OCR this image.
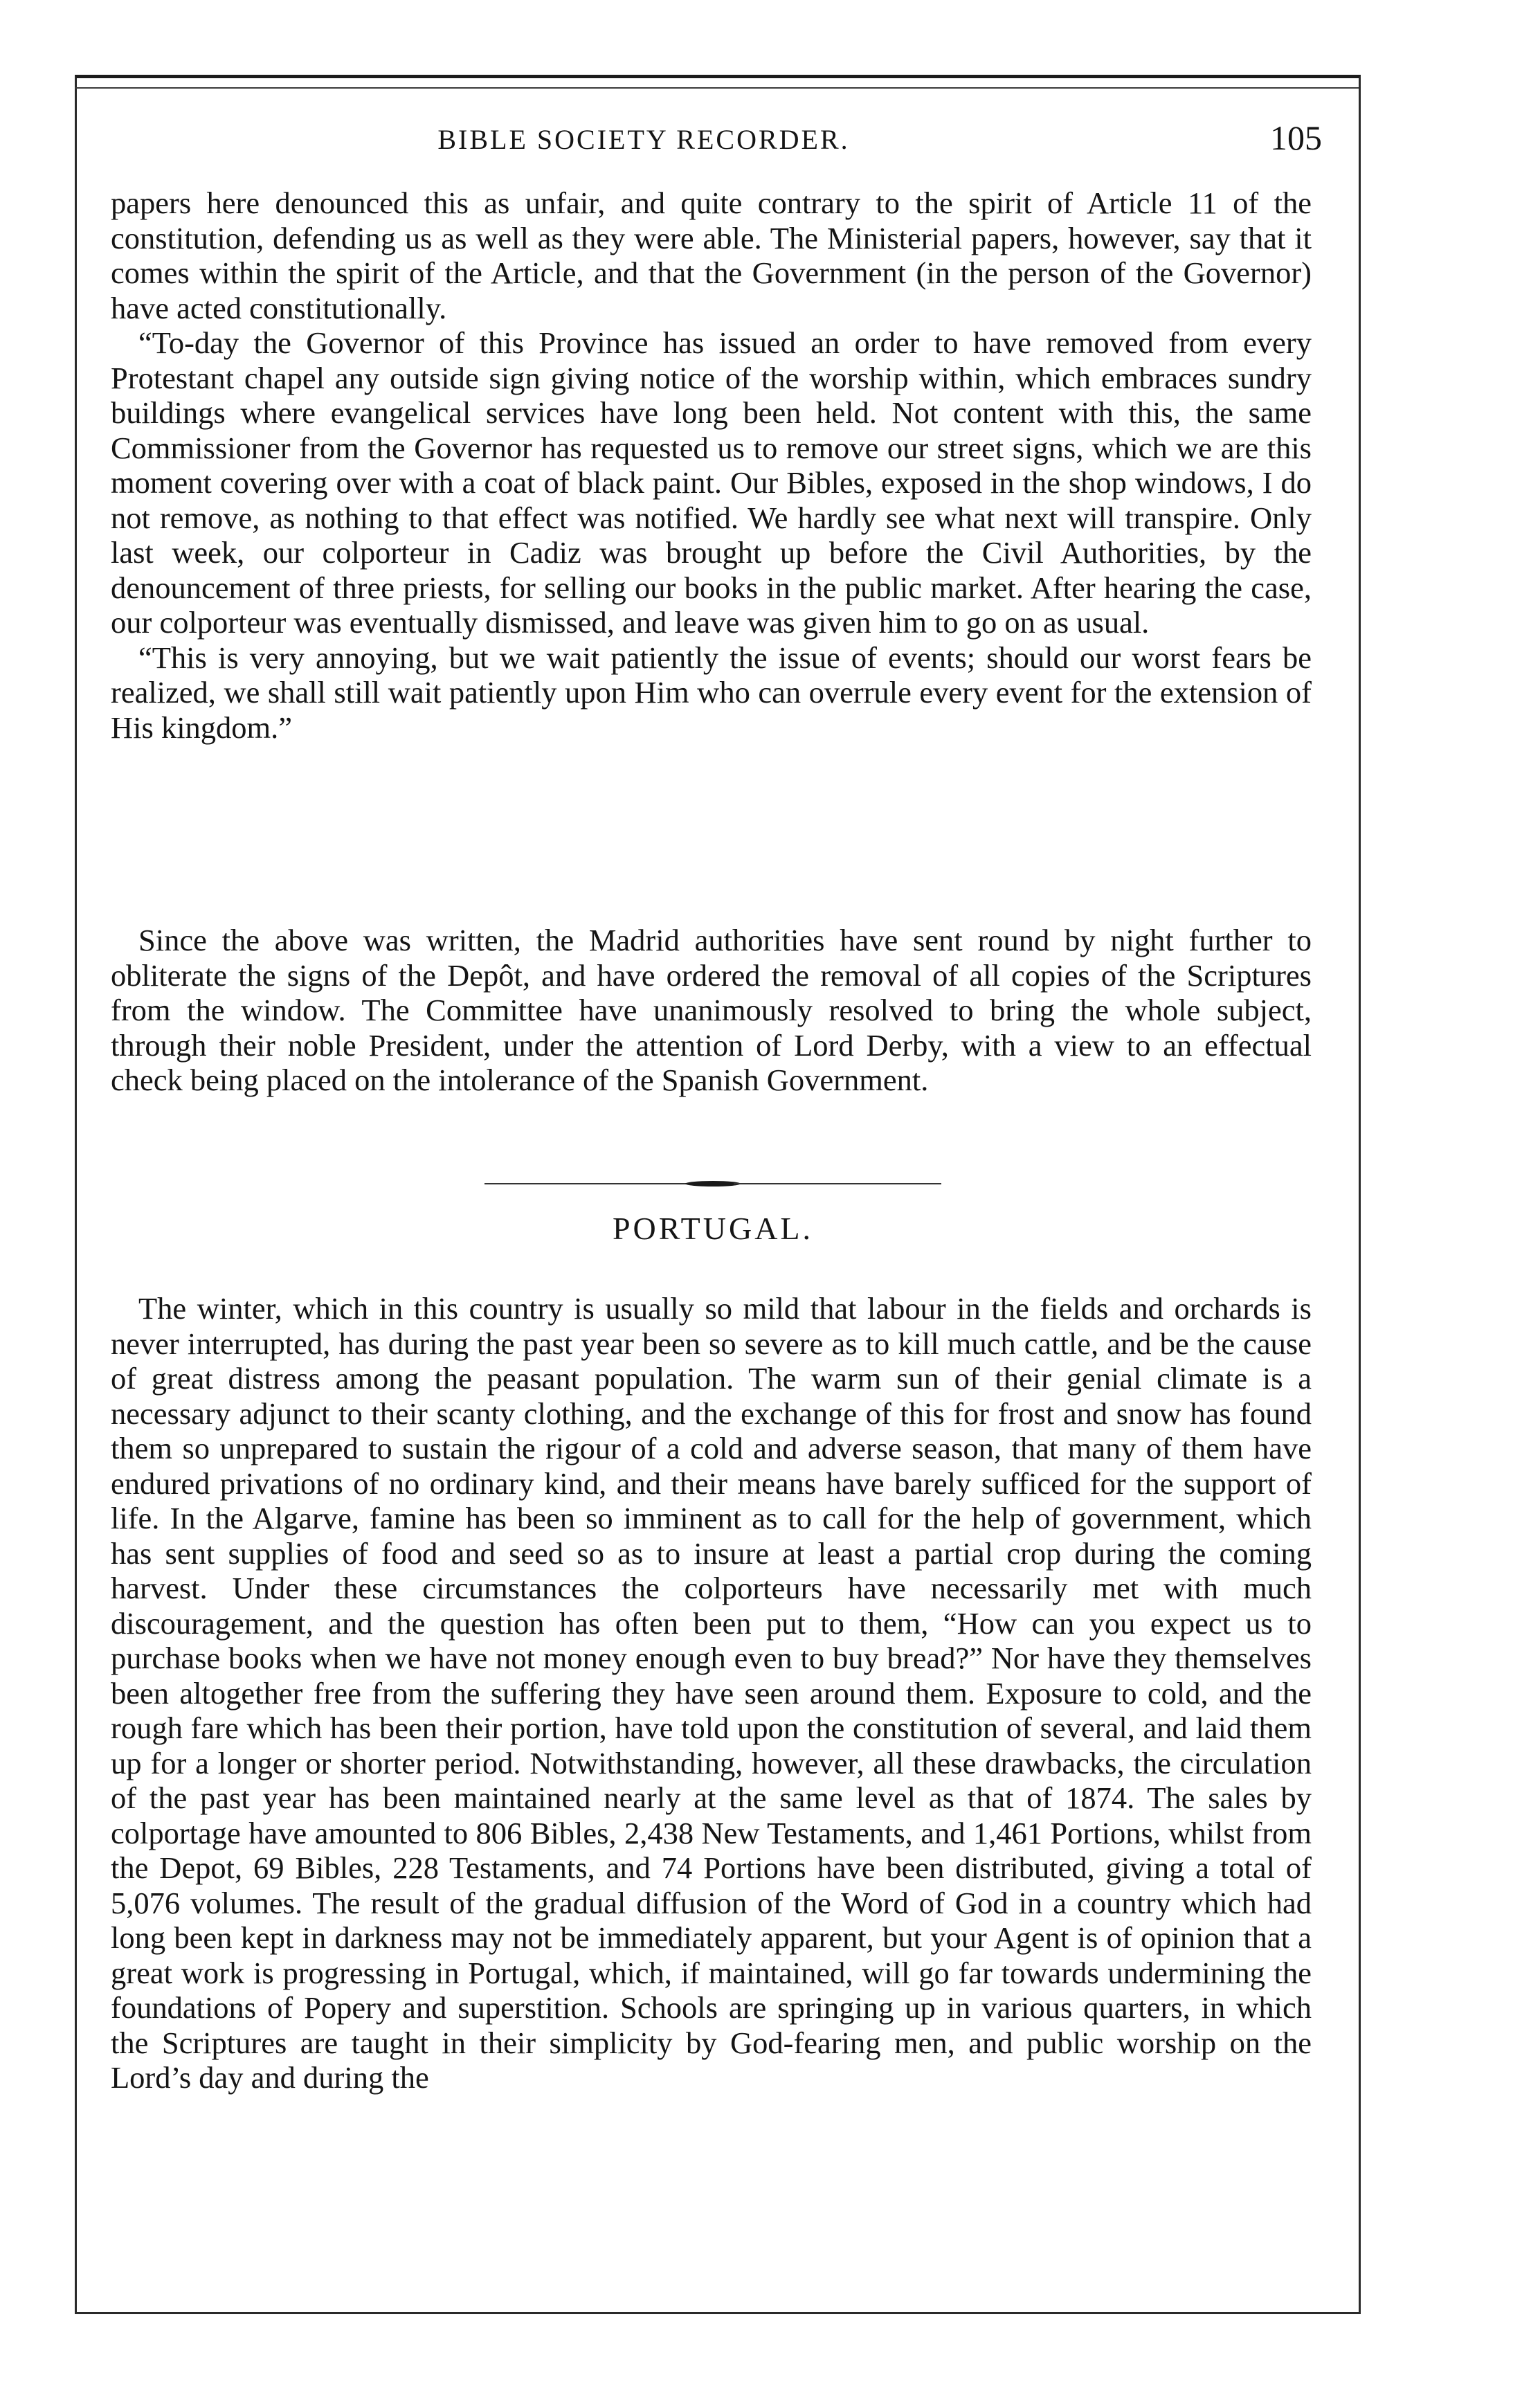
BIBLE SOCIETY RECORDER.	105

papers here denounced this as unfair, and quite contrary to the spirit of Article 11 of the constitution, defending us as well as they were able. The Ministerial papers, however, say that it comes within the spirit of the Article, and that the Government (in the person of the Governor) have acted constitutionally.

“To-day the Governor of this Province has issued an order to have removed from every Protestant chapel any outside sign giving notice of the worship within, which embraces sundry buildings where evangelical services have long been held. Not content with this, the same Commissioner from the Governor has requested us to remove our street signs, which we are this moment covering over with a coat of black paint. Our Bibles, exposed in the shop windows, I do not remove, as nothing to that effect was notified. We hardly see what next will transpire. Only last week, our colporteur in Cadiz was brought up before the Civil Authorities, by the denouncement of three priests, for selling our books in the public market. After hearing the case, our colporteur was eventually dismissed, and leave was given him to go on as usual.

“This is very annoying, but we wait patiently the issue of events; should our worst fears be realized, we shall still wait patiently upon Him who can overrule every event for the extension of His kingdom.”

Since the above was written, the Madrid authorities have sent round by night further to obliterate the signs of the Depôt, and have ordered the removal of all copies of the Scriptures from the window. The Committee have unanimously resolved to bring the whole subject, through their noble President, under the attention of Lord Derby, with a view to an effectual check being placed on the intolerance of the Spanish Government.

PORTUGAL.

The winter, which in this country is usually so mild that labour in the fields and orchards is never interrupted, has during the past year been so severe as to kill much cattle, and be the cause of great distress among the peasant population. The warm sun of their genial climate is a necessary adjunct to their scanty clothing, and the exchange of this for frost and snow has found them so unprepared to sustain the rigour of a cold and adverse season, that many of them have endured privations of no ordinary kind, and their means have barely sufficed for the support of life. In the Algarve, famine has been so imminent as to call for the help of government, which has sent supplies of food and seed so as to insure at least a partial crop during the coming harvest. Under these circumstances the colporteurs have necessarily met with much discouragement, and the question has often been put to them, “How can you expect us to purchase books when we have not money enough even to buy bread?” Nor have they themselves been altogether free from the suffering they have seen around them. Exposure to cold, and the rough fare which has been their portion, have told upon the constitution of several, and laid them up for a longer or shorter period. Notwithstanding, however, all these drawbacks, the circulation of the past year has been maintained nearly at the same level as that of 1874. The sales by colportage have amounted to 806 Bibles, 2,438 New Testaments, and 1,461 Portions, whilst from the Depot, 69 Bibles, 228 Testaments, and 74 Portions have been distributed, giving a total of 5,076 volumes. The result of the gradual diffusion of the Word of God in a country which had long been kept in darkness may not be immediately apparent, but your Agent is of opinion that a great work is progressing in Portugal, which, if maintained, will go far towards undermining the foundations of Popery and superstition. Schools are springing up in various quarters, in which the Scriptures are taught in their simplicity by God-fearing men, and public worship on the Lord’s day and during the
